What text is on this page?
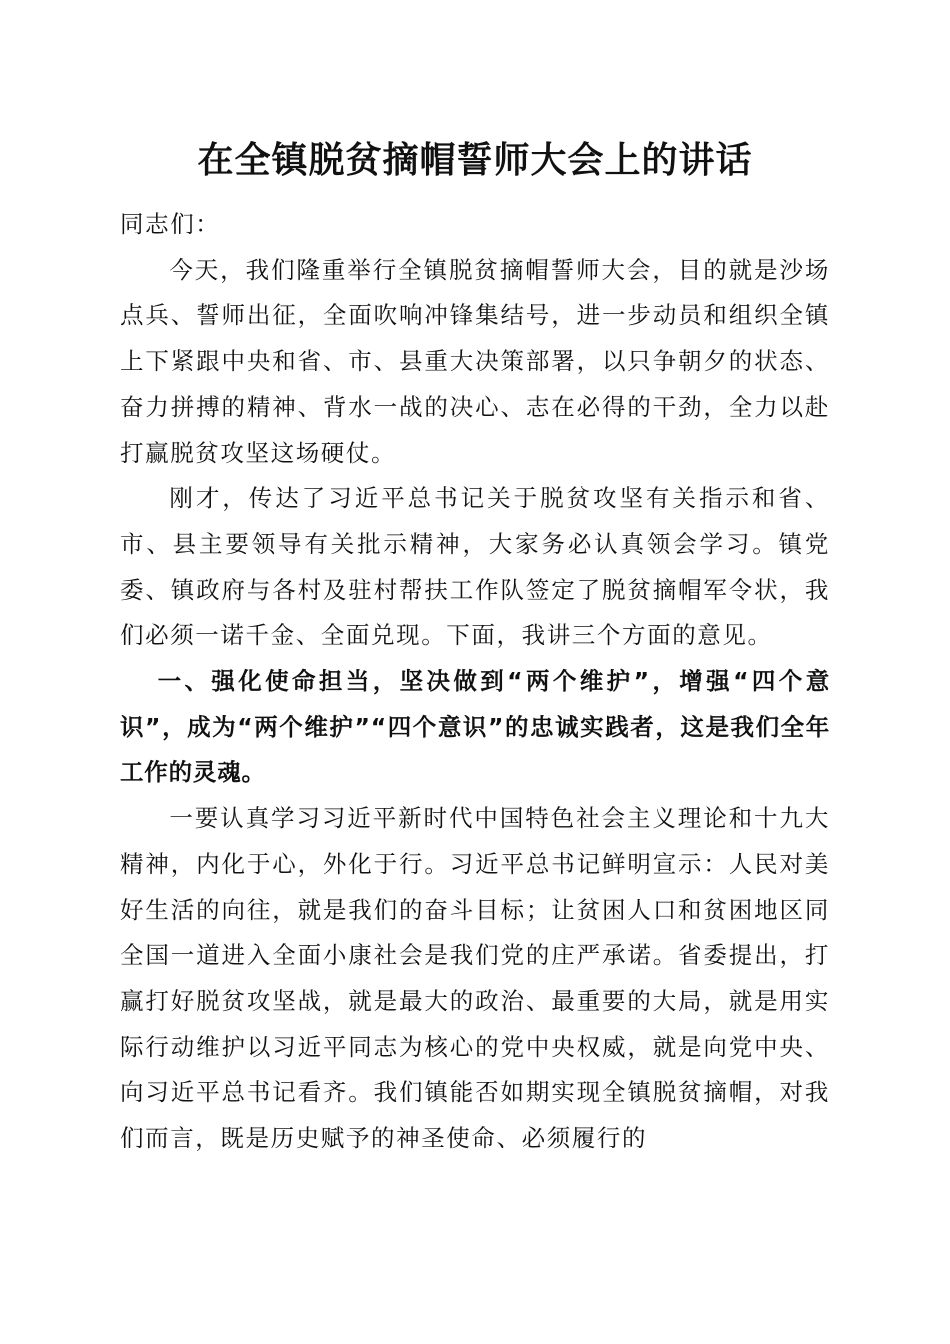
在全镇脱贫摘帽誓师大会上的讲话

同志们：

今天，我们隆重举行全镇脱贫摘帽誓师大会，目的就是沙场点兵、誓师出征，全面吹响冲锋集结号，进一步动员和组织全镇上下紧跟中央和省、市、县重大决策部署，以只争朝夕的状态、奋力拼搏的精神、背水一战的决心、志在必得的干劲，全力以赴打赢脱贫攻坚这场硬仗。

刚才，传达了习近平总书记关于脱贫攻坚有关指示和省、市、县主要领导有关批示精神，大家务必认真领会学习。镇党委、镇政府与各村及驻村帮扶工作队签定了脱贫摘帽军令状，我们必须一诺千金、全面兑现。下面，我讲三个方面的意见。

一、强化使命担当，坚决做到“两个维护”，增强“四个意识”，成为“两个维护”“四个意识”的忠诚实践者，这是我们全年工作的灵魂。

一要认真学习习近平新时代中国特色社会主义理论和十九大精神，内化于心，外化于行。习近平总书记鲜明宣示：人民对美好生活的向往，就是我们的奋斗目标；让贫困人口和贫困地区同全国一道进入全面小康社会是我们党的庄严承诺。省委提出，打赢打好脱贫攻坚战，就是最大的政治、最重要的大局，就是用实际行动维护以习近平同志为核心的党中央权威，就是向党中央、向习近平总书记看齐。我们镇能否如期实现全镇脱贫摘帽，对我们而言，既是历史赋予的神圣使命、必须履行的
